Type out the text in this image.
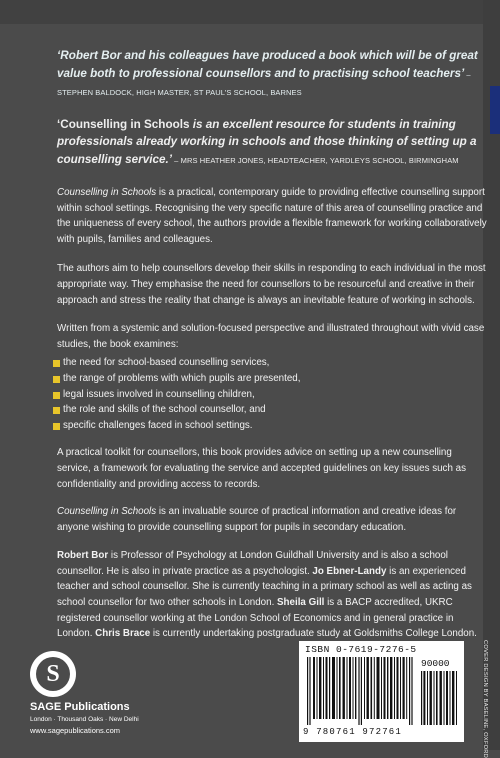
‘Robert Bor and his colleagues have produced a book which will be of great value both to professional counsellors and to practising school teachers’ – STEPHEN BALDOCK, HIGH MASTER, ST PAUL’S SCHOOL, BARNES

‘Counselling in Schools is an excellent resource for students in training professionals already working in schools and those thinking of setting up a counselling service.’ – MRS HEATHER JONES, HEADTEACHER, YARDLEYS SCHOOL, BIRMINGHAM

Counselling in Schools is a practical, contemporary guide to providing effective counselling support within school settings. Recognising the very specific nature of this area of counselling practice and the uniqueness of every school, the authors provide a flexible framework for working collaboratively with pupils, families and colleagues.

The authors aim to help counsellors develop their skills in responding to each individual in the most appropriate way. They emphasise the need for counsellors to be resourceful and creative in their approach and stress the reality that change is always an inevitable feature of working in schools.

Written from a systemic and solution-focused perspective and illustrated throughout with vivid case studies, the book examines:

the need for school-based counselling services,
the range of problems with which pupils are presented,
legal issues involved in counselling children,
the role and skills of the school counsellor, and
specific challenges faced in school settings.

A practical toolkit for counsellors, this book provides advice on setting up a new counselling service, a framework for evaluating the service and accepted guidelines on key issues such as confidentiality and providing access to records.

Counselling in Schools is an invaluable source of practical information and creative ideas for anyone wishing to provide counselling support for pupils in secondary education.

Robert Bor is Professor of Psychology at London Guildhall University and is also a school counsellor. He is also in private practice as a psychologist. Jo Ebner-Landy is an experienced teacher and school counsellor. She is currently teaching in a primary school as well as acting as school counsellor for two other schools in London. Sheila Gill is a BACP accredited, UKRC registered counsellor working at the London School of Economics and in general practice in London. Chris Brace is currently undertaking postgraduate study at Goldsmiths College London.

S
SAGE Publications
London · Thousand Oaks · New Delhi
www.sagepublications.com
ISBN 0-7619-7276-5
90000
9 780761 972761	COVER DESIGN BY BASELINE, OXFORD
